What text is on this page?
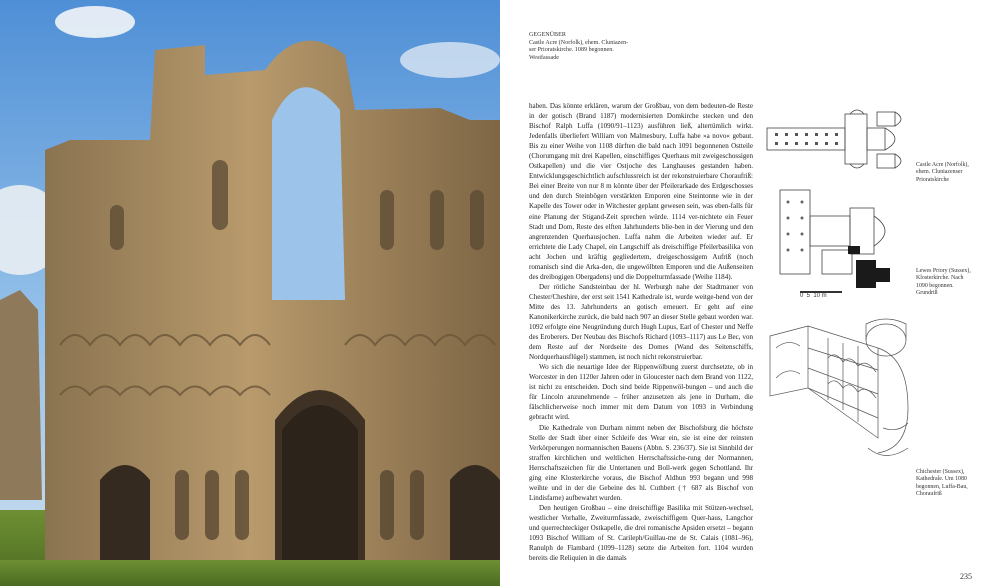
GEGENÜBER
Castle Acre (Norfolk), ehem. Cluniazen-
ser Prioratskirche. 1089 begonnen.
Westfassade

haben. Das könnte erklären, warum der Großbau, von dem bedeuten-de Reste in der gotisch (Brand 1187) modernisierten Domkirche stecken und den Bischof Ralph Luffa (1090/91–1123) ausführen ließ, altertümlich wirkt. Jedenfalls überliefert William von Malmesbury, Luffa habe »a novo« gebaut. Bis zu einer Weihe von 1108 dürften die bald nach 1091 begonnenen Ostteile (Chorumgang mit drei Kapellen, einschiffiges Querhaus mit zweigeschossigen Ostkapellen) und die vier Ostjoche des Langhauses gestanden haben. Entwicklungsgeschichtlich aufschlussreich ist der rekonstruierbare Choraufriß: Bei einer Breite von nur 8 m könnte über der Pfeilerarkade des Erdgeschosses und den durch Steinbögen verstärkten Emporen eine Steintonne wie in der Kapelle des Tower oder in Witchester geplant gewesen sein, was eben-falls für eine Planung der Stigand-Zeit sprechen würde. 1114 ver-nichtete ein Feuer Stadt und Dom, Reste des elften Jahrhunderts blie-ben in der Vierung und den angrenzenden Querhausjochen. Luffa nahm die Arbeiten wieder auf. Er errichtete die Lady Chapel, ein Langschiff als dreischiffige Pfeilerbasilika von acht Jochen und kräftig gegliedertem, dreigeschossigem Aufriß (noch romanisch sind die Arka-den, die ungewölbten Emporen und die Außenseiten des dreibogigen Obergadens) und die Doppelturmfassade (Weihe 1184).

Der rötliche Sandsteinbau der hl. Werburgh nahe der Stadtmauer von Chester/Cheshire, der erst seit 1541 Kathedrale ist, wurde weitge-hend von der Mitte des 13. Jahrhunderts an gotisch erneuert. Er geht auf eine Kanonikerkirche zurück, die bald nach 907 an dieser Stelle gebaut worden war. 1092 erfolgte eine Neugründung durch Hugh Lupus, Earl of Chester und Neffe des Eroberers. Der Neubau des Bischofs Richard (1093–1117) aus Le Bec, von dem Reste auf der Nordseite des Domes (Wand des Seitenschiffs, Nordquerhausflügel) stammen, ist noch nicht rekonstruierbar.

Wo sich die neuartige Idee der Rippenwölbung zuerst durchsetzte, ob in Worcester in den 1120er Jahren oder in Gloucester nach dem Brand von 1122, ist nicht zu entscheiden. Doch sind beide Rippenwöl-bungen – und auch die für Lincoln anzunehmende – früher anzusetzen als jene in Durham, die fälschlicherweise noch immer mit dem Datum von 1093 in Verbindung gebracht wird.

Die Kathedrale von Durham nimmt neben der Bischofsburg die höchste Stelle der Stadt über einer Schleife des Wear ein, sie ist eine der reinsten Verkörperungen normannischen Bauens (Abbn. S. 236/37). Sie ist Sinnbild der straffen kirchlichen und weltlichen Herrschaftssiche-rung der Normannen, Herrschaftszeichen für die Untertanen und Boll-werk gegen Schottland. Ihr ging eine Klosterkirche voraus, die Bischof Aldhun 993 begann und 998 weihte und in der die Gebeine des hl. Cuthbert († 687 als Bischof von Lindisfarne) aufbewahrt wurden.

Den heutigen Großbau – eine dreischiffige Basilika mit Stützen-wechsel, westlicher Vorhalle, Zweiturmfassade, zweischiffigem Quer-haus, Langchor und querrechteckiger Ostkapelle, die drei romanische Apsiden ersetzt – begann 1093 Bischof William of St. Carileph/Guillau-me de St. Calais (1081–96), Ranulph de Flambard (1099–1128) setzte die Arbeiten fort. 1104 wurden bereits die Reliquien in die damals

Castle Acre (Norfolk),
ehem. Cluniazenser
Prioratskirche
0  5  10 m
Lewes Priory (Sussex),
Klosterkirche. Nach
1090 begonnen.
Grundriß
Chichester (Sussex),
Kathedrale. Um 1080
begonnen, Luffa-Bau,
Choraufriß
235
